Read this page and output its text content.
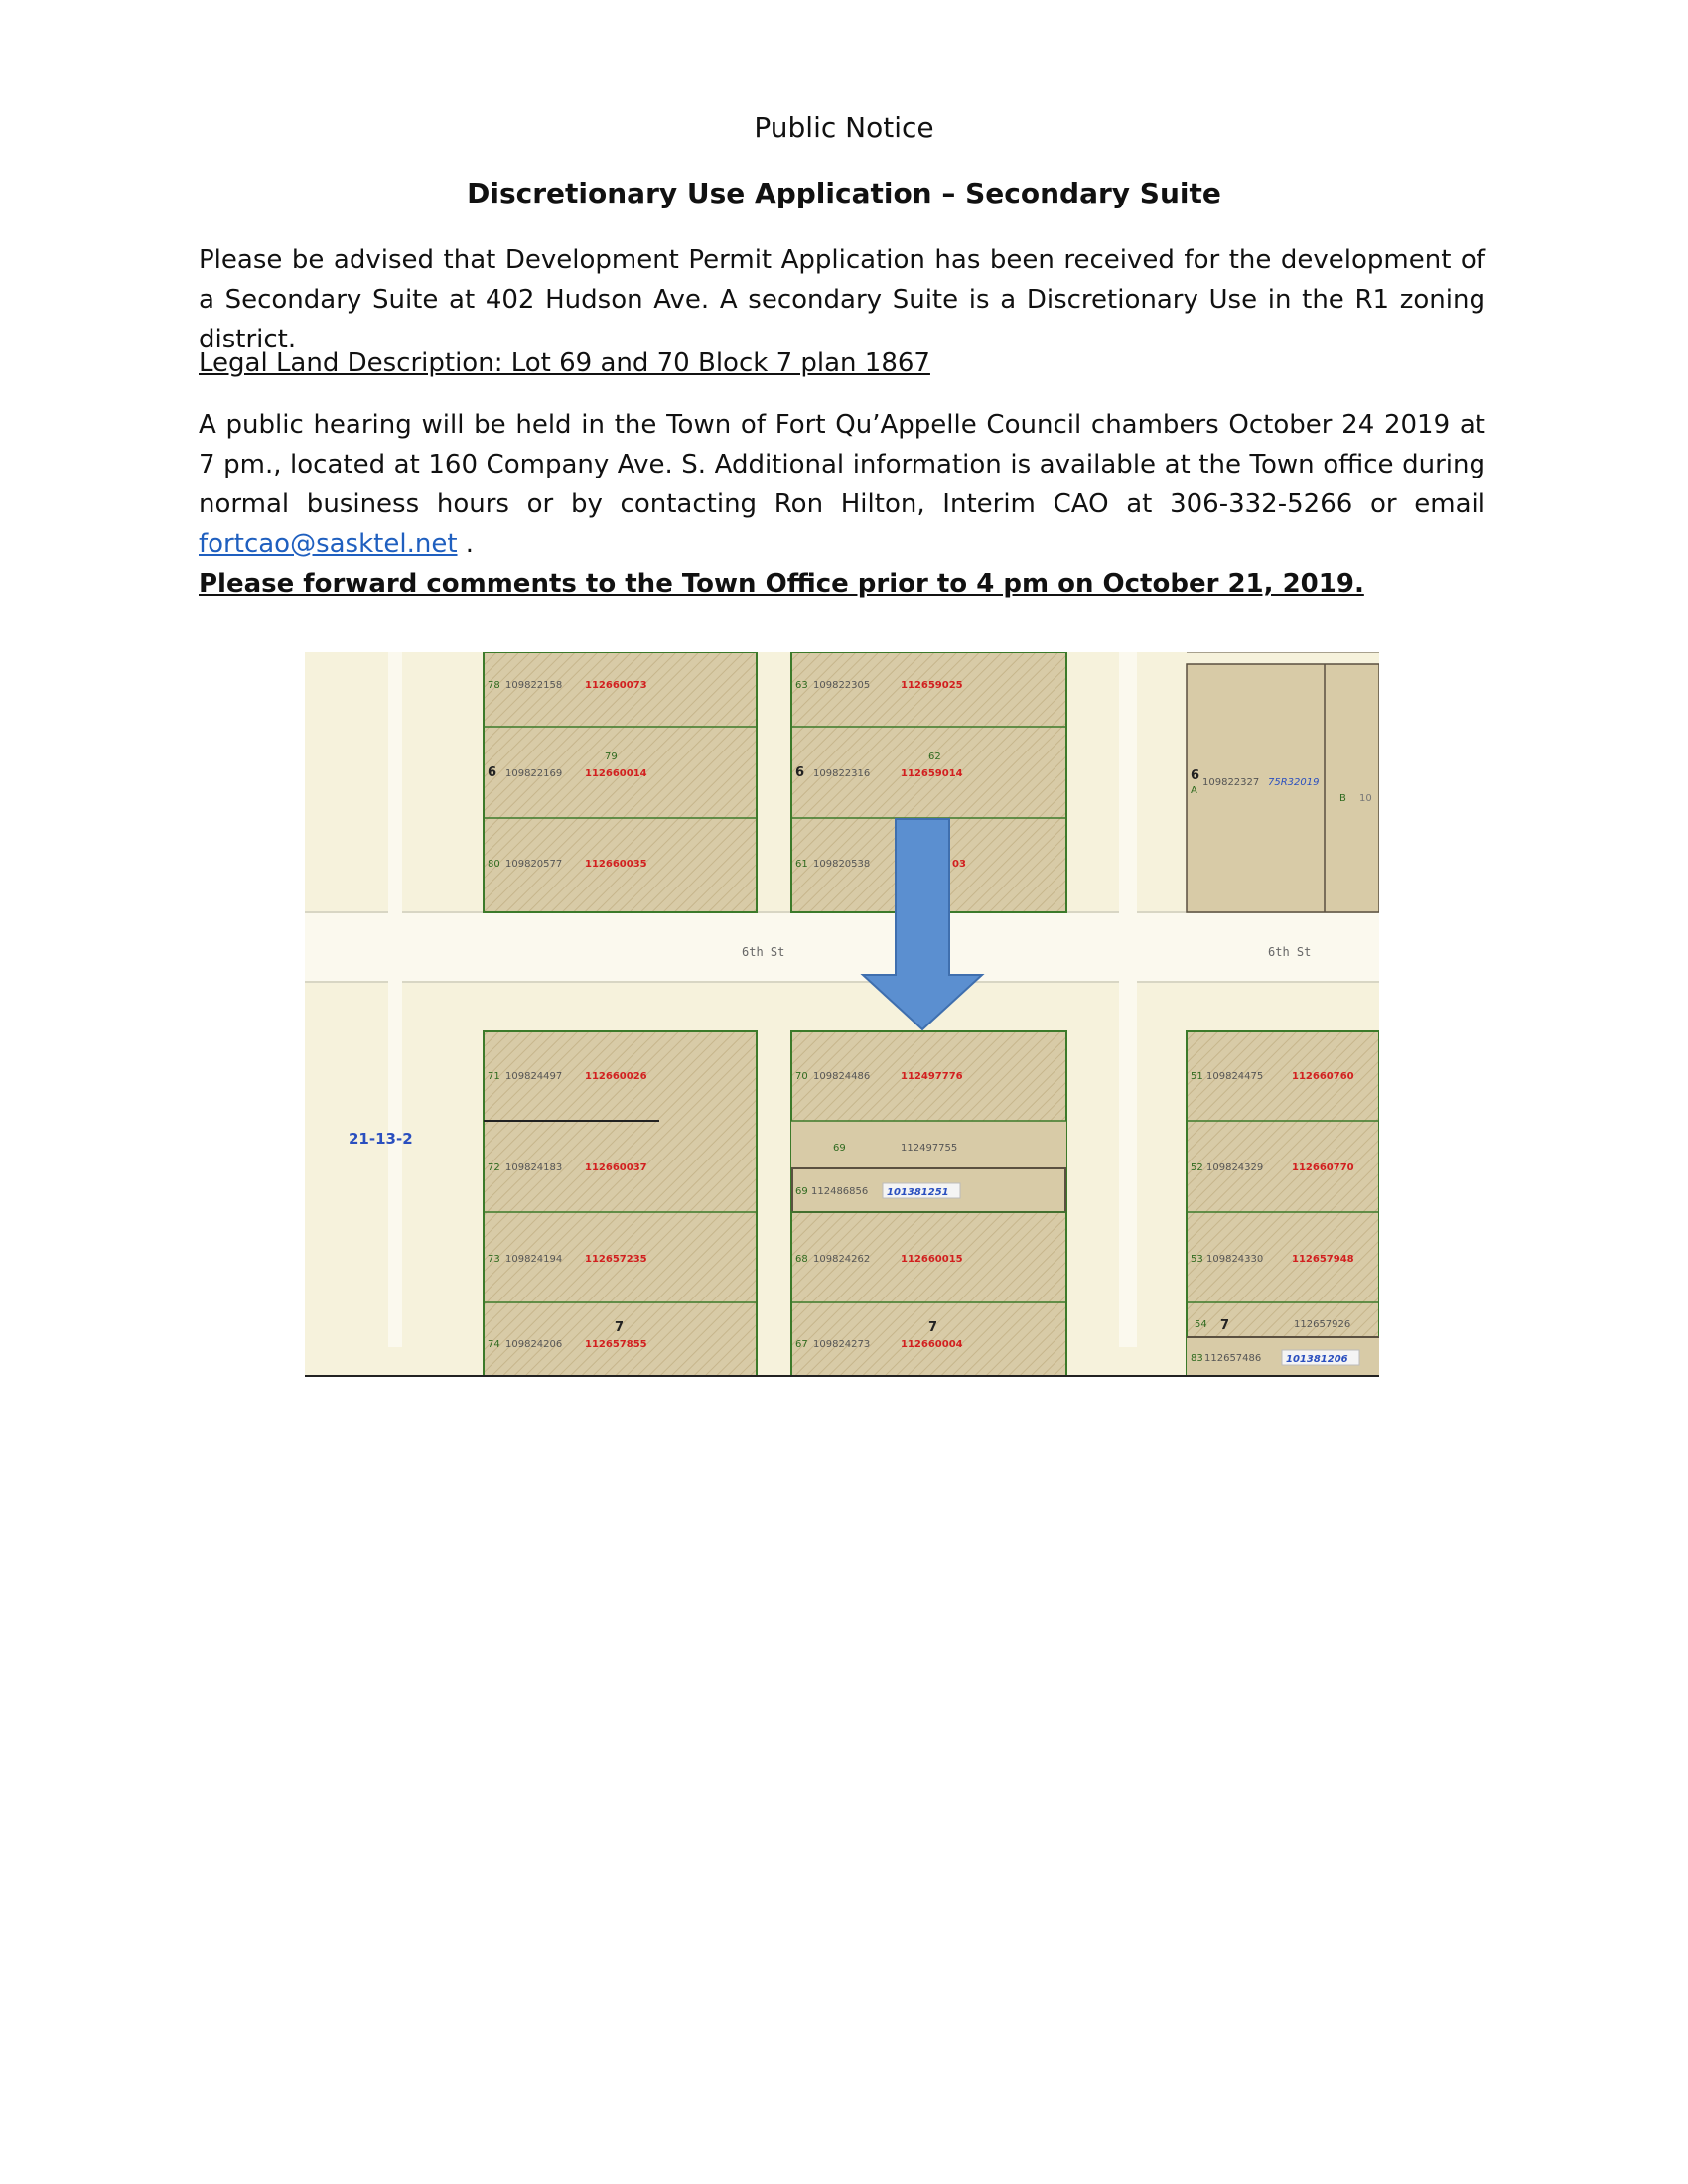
Public Notice
Discretionary Use Application – Secondary Suite
Please be advised that Development Permit Application has been received for the development of a Secondary Suite at 402 Hudson Ave. A secondary Suite is a Discretionary Use in the R1 zoning district.
Legal Land Description: Lot 69 and 70 Block 7 plan 1867
A public hearing will be held in the Town of Fort Qu’Appelle Council chambers October 24 2019 at 7 pm., located at 160 Company Ave. S. Additional information is available at the Town office during normal business hours or by contacting Ron Hilton, Interim CAO at 306-332-5266 or email fortcao@sasktel.net .
Please forward comments to the Town Office prior to 4 pm on October 21, 2019.
6th St	6th St
21-13-2
78 109822158 112660073
79
6 109822169 112660014
80 109820577 112660035
63 109822305	112659025
62
6 109822316	112659014
61 109820538	03
6
A
109822327 75R32019
B 10
71 109824497 112660026
72 109824183 112660037
73 109824194 112657235
7
74 109824206 112657855
70 109824486	112497776
69	112497755
69 112486856 101381251
68 109824262	112660015
7
67 109824273	112660004
51 109824475	112660760
52 109824329	112660770
53 109824330	112657948
54 7	112657926
83 112657486 101381206
